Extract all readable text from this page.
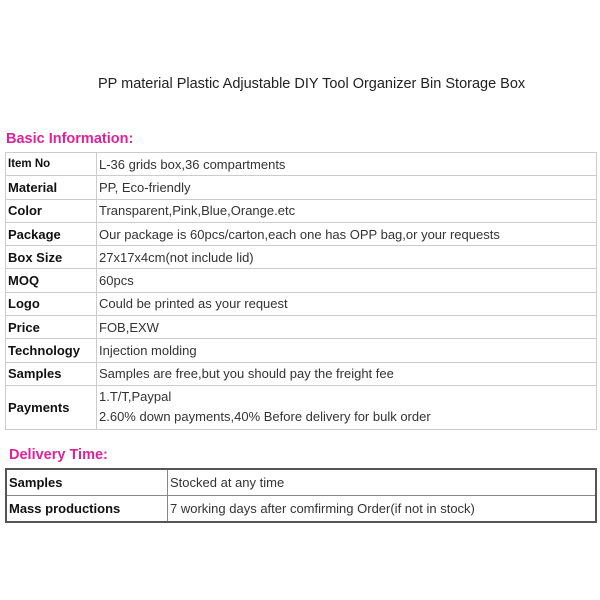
PP material Plastic Adjustable DIY Tool Organizer Bin Storage Box
Basic Information:
Item No	L-36 grids box,36 compartments
Material	PP, Eco-friendly
Color	Transparent,Pink,Blue,Orange.etc
Package	Our package is 60pcs/carton,each one has OPP bag,or your requests
Box Size	27x17x4cm(not include lid)
MOQ	60pcs
Logo	Could be printed as your request
Price	FOB,EXW
Technology	Injection molding
Samples	Samples are free,but you should pay the freight fee
Payments	1.T/T,Paypal
2.60% down payments,40% Before delivery for bulk order
Delivery Time:
Samples	Stocked at any time
Mass productions	7 working days after comfirming Order(if not in stock)
